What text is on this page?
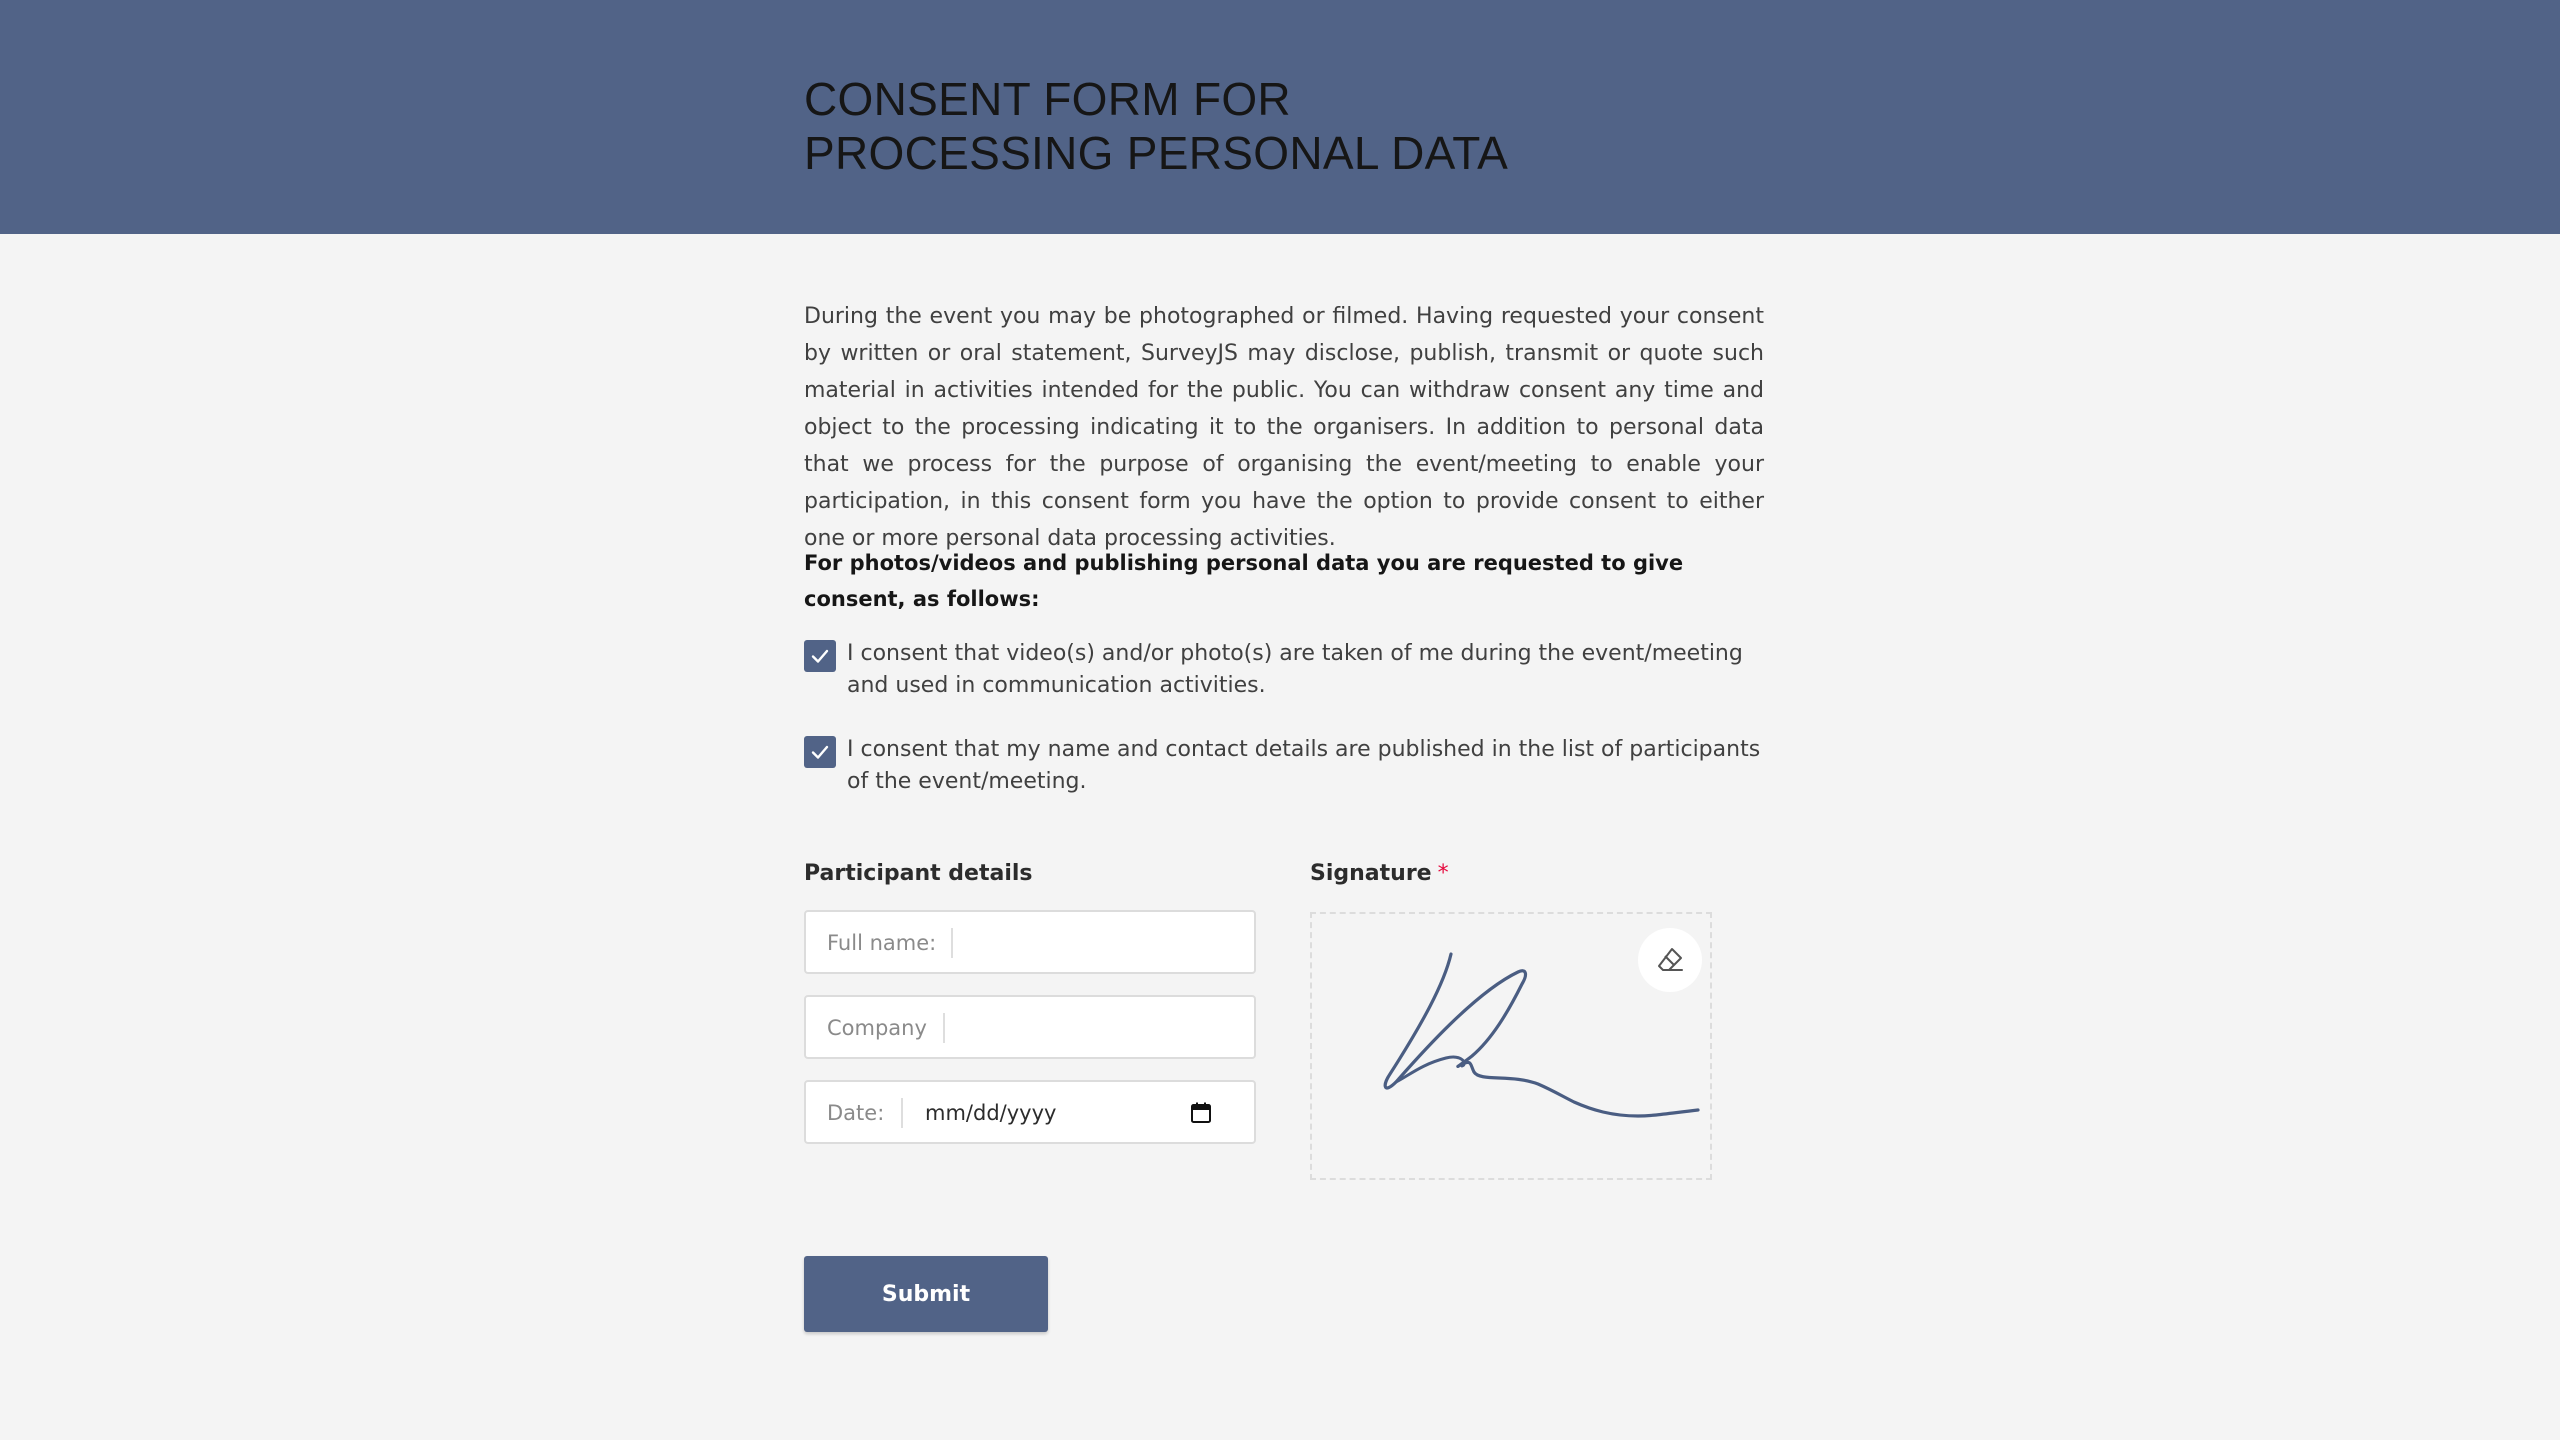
CONSENT FORM FOR
PROCESSING PERSONAL DATA
During the event you may be photographed or filmed. Having requested your consent by written or oral statement, SurveyJS may disclose, publish, transmit or quote such material in activities intended for the public. You can withdraw consent any time and object to the processing indicating it to the organisers. In addition to personal data that we process for the purpose of organising the event/meeting to enable your participation, in this consent form you have the option to provide consent to either one or more personal data processing activities.
For photos/videos and publishing personal data you are requested to give consent, as follows:
I consent that video(s) and/or photo(s) are taken of me during the event/meeting and used in communication activities.
I consent that my name and contact details are published in the list of participants of the event/meeting.
Participant details
Full name:
Company
Date: mm/dd/yyyy
Signature *
Submit
